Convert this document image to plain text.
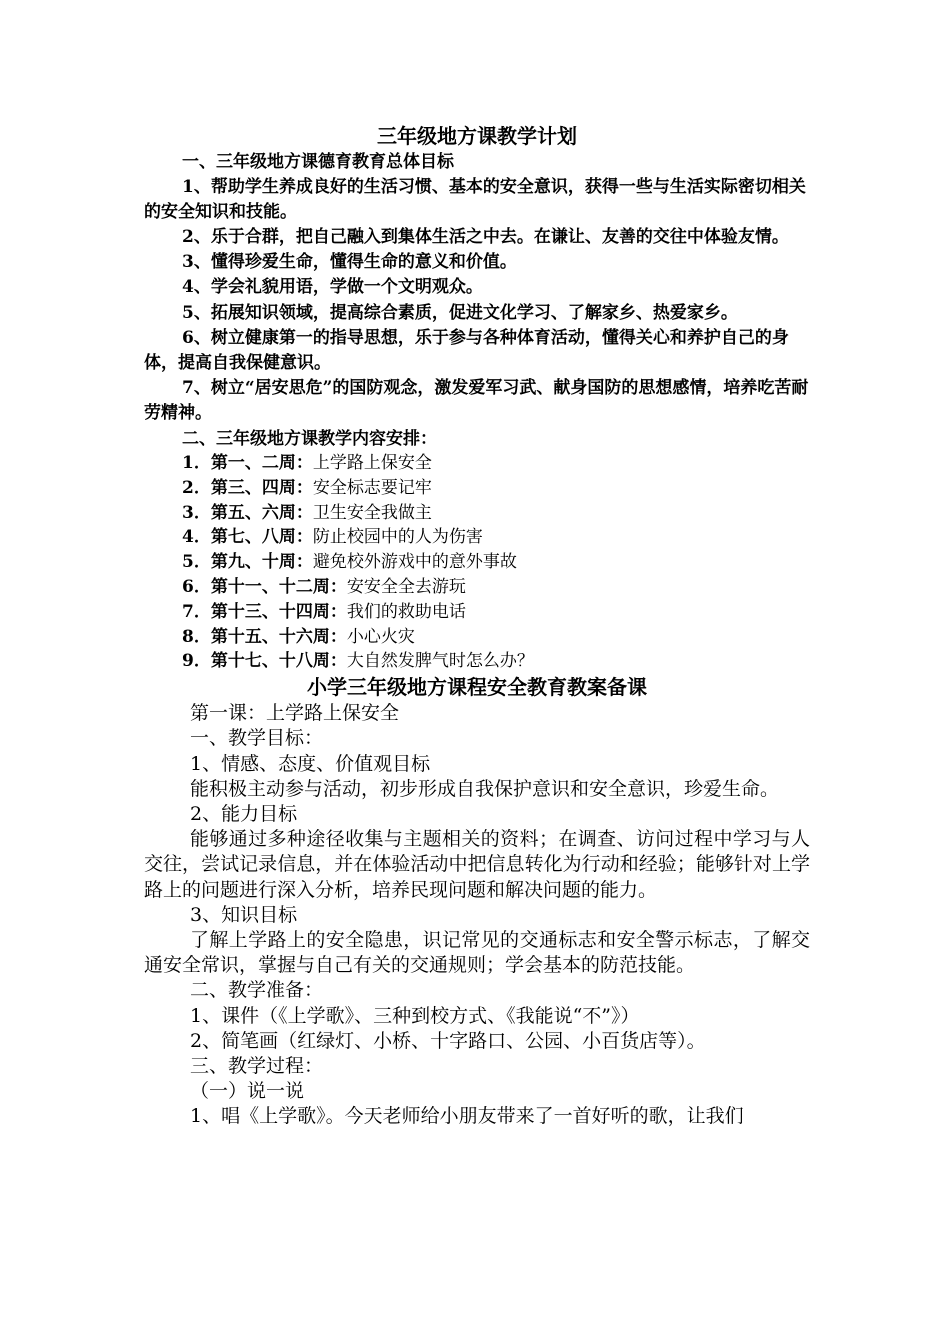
三年级地方课教学计划

一、三年级地方课德育教育总体目标

1、帮助学生养成良好的生活习惯、基本的安全意识，获得一些与生活实际密切相关的安全知识和技能。

2、乐于合群，把自己融入到集体生活之中去。在谦让、友善的交往中体验友情。

3、懂得珍爱生命，懂得生命的意义和价值。

4、学会礼貌用语，学做一个文明观众。

5、拓展知识领域，提高综合素质，促进文化学习、了解家乡、热爱家乡。

6、树立健康第一的指导思想，乐于参与各种体育活动，懂得关心和养护自己的身体，提高自我保健意识。

7、树立“居安思危”的国防观念，激发爱军习武、献身国防的思想感情，培养吃苦耐劳精神。

二、三年级地方课教学内容安排：

1．第一、二周：上学路上保安全

2．第三、四周：安全标志要记牢

3．第五、六周：卫生安全我做主

4．第七、八周：防止校园中的人为伤害

5．第九、十周：避免校外游戏中的意外事故

6．第十一、十二周：安安全全去游玩

7．第十三、十四周：我们的救助电话

8．第十五、十六周：小心火灾

9．第十七、十八周：大自然发脾气时怎么办？

小学三年级地方课程安全教育教案备课

第一课：上学路上保安全

一、教学目标：

1、情感、态度、价值观目标

能积极主动参与活动，初步形成自我保护意识和安全意识，珍爱生命。

2、能力目标

能够通过多种途径收集与主题相关的资料；在调查、访问过程中学习与人交往，尝试记录信息，并在体验活动中把信息转化为行动和经验；能够针对上学路上的问题进行深入分析，培养民现问题和解决问题的能力。

3、知识目标

了解上学路上的安全隐患，识记常见的交通标志和安全警示标志，了解交通安全常识，掌握与自己有关的交通规则；学会基本的防范技能。

二、教学准备：

1、课件（《上学歌》、三种到校方式、《我能说“不”》）

2、简笔画（红绿灯、小桥、十字路口、公园、小百货店等）。

三、教学过程：

（一）说一说

1、唱《上学歌》。今天老师给小朋友带来了一首好听的歌，让我们
